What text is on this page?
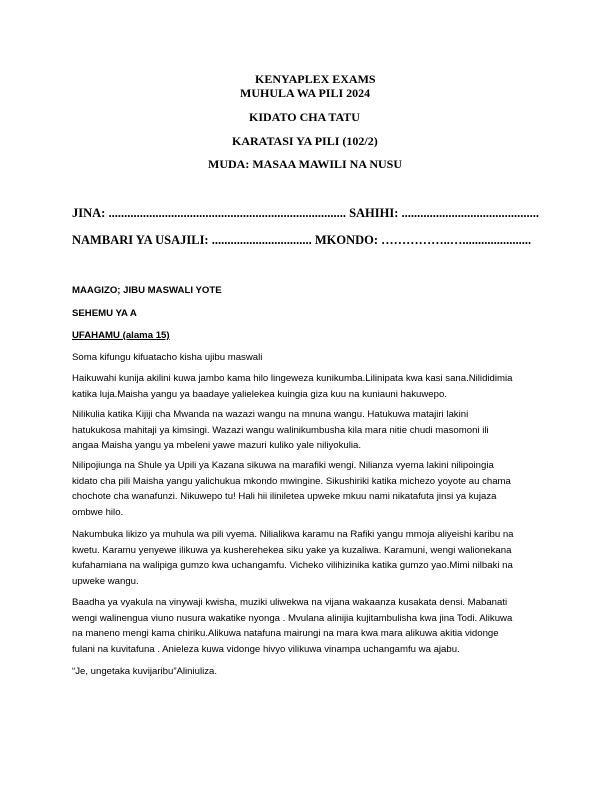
KENYAPLEX EXAMS
MUHULA WA PILI 2024
KIDATO CHA TATU
KARATASI YA PILI (102/2)
MUDA: MASAA MAWILI NA NUSU
JINA: ............................................................................ SAHIHI: ............................................
NAMBARI YA USAJILI: ................................ MKONDO: ……………..…......................
MAAGIZO; JIBU MASWALI YOTE
SEHEMU YA A
UFAHAMU (alama 15)
Soma kifungu kifuatacho kisha ujibu maswali
Haikuwahi kunija akilini kuwa jambo kama hilo lingeweza kunikumba.Lilinipata kwa kasi sana.Nilididimia
katika luja.Maisha yangu ya baadaye yalielekea kuingia giza kuu na kuniauni hakuwepo.
Nilikulia katika Kijiji cha Mwanda na wazazi wangu na mnuna wangu. Hatukuwa matajiri lakini
hatukukosa mahitaji ya kimsingi. Wazazi wangu walinikumbusha kila mara nitie chudi masomoni ili
angaa Maisha yangu ya mbeleni yawe mazuri kuliko yale niliyokulia.
Nilipojiunga na Shule ya Upili ya Kazana sikuwa na marafiki wengi. Nilianza vyema lakini nilipoingia
kidato cha pili Maisha yangu yalichukua mkondo mwingine. Sikushiriki katika michezo yoyote au chama
chochote cha wanafunzi. Nikuwepo tu! Hali hii iliniletea upweke mkuu nami nikatafuta jinsi ya kujaza
ombwe hilo.
Nakumbuka likizo ya muhula wa pili vyema. Nilialikwa karamu na Rafiki yangu mmoja aliyeishi karibu na
kwetu. Karamu yenyewe ilikuwa ya kusherehekea siku yake ya kuzaliwa. Karamuni, wengi walionekana
kufahamiana na walipiga gumzo kwa uchangamfu. Vicheko vilihizinika katika gumzo yao.Mimi nilbaki na
upweke wangu.
Baadha ya vyakula na vinywaji kwisha, muziki uliwekwa na vijana wakaanza kusakata densi. Mabanati
wengi walinengua viuno nusura wakatike nyonga . Mvulana alinijia kujitambulisha kwa jina Todi. Alikuwa
na maneno mengi kama chiriku.Alikuwa natafuna mairungi na mara kwa mara alikuwa akitia vidonge
fulani na kuvitafuna . Anieleza kuwa vidonge hivyo vilikuwa vinampa uchangamfu wa ajabu.
“Je, ungetaka kuvijaribu”Aliniuliza.
